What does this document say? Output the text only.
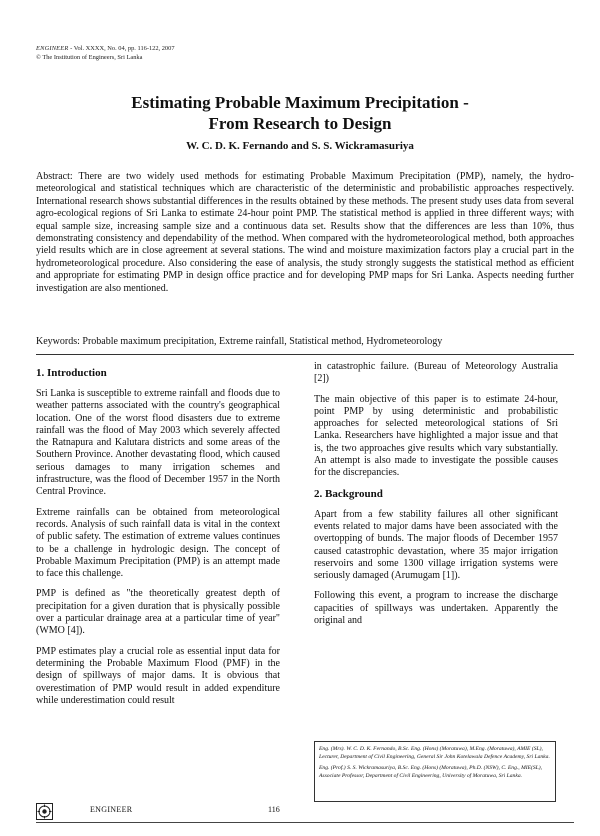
ENGINEER - Vol. XXXX, No. 04, pp. 116-122, 2007
© The Institution of Engineers, Sri Lanka
Estimating Probable Maximum Precipitation -
From Research to Design
W. C. D. K. Fernando and S. S. Wickramasuriya

Abstract: There are two widely used methods for estimating Probable Maximum Precipitation (PMP), namely, the hydro-meteorological and statistical techniques which are characteristic of the deterministic and probabilistic approaches respectively. International research shows substantial differences in the results obtained by these methods. The present study uses data from several agro-ecological regions of Sri Lanka to estimate 24-hour point PMP. The statistical method is applied in three different ways; with equal sample size, increasing sample size and a continuous data set. Results show that the differences are less than 10%, thus demonstrating consistency and dependability of the method. When compared with the hydrometeorological method, both approaches yield results which are in close agreement at several stations. The wind and moisture maximization factors play a crucial part in the hydrometeorological procedure. Also considering the ease of analysis, the study strongly suggests the statistical method as efficient and appropriate for estimating PMP in design office practice and for developing PMP maps for Sri Lanka. Aspects needing further investigation are also mentioned.

Keywords: Probable maximum precipitation, Extreme rainfall, Statistical method, Hydrometeorology

1. Introduction

Sri Lanka is susceptible to extreme rainfall and floods due to weather patterns associated with the country's geographical location. One of the worst flood disasters due to extreme rainfall was the flood of May 2003 which severely affected the Ratnapura and Kalutara districts and some areas of the Southern Province. Another devastating flood, which caused serious damages to many irrigation schemes and infrastructure, was the flood of December 1957 in the North Central Province.

Extreme rainfalls can be obtained from meteorological records. Analysis of such rainfall data is vital in the context of public safety. The estimation of extreme values continues to be a challenge in hydrologic design. The concept of Probable Maximum Precipitation (PMP) is an attempt made to face this challenge.

PMP is defined as "the theoretically greatest depth of precipitation for a given duration that is physically possible over a particular drainage area at a particular time of year" (WMO [4]).

PMP estimates play a crucial role as essential input data for determining the Probable Maximum Flood (PMF) in the design of spillways of major dams. It is obvious that overestimation of PMP would result in added expenditure while underestimation could result

in catastrophic failure. (Bureau of Meteorology Australia [2])

The main objective of this paper is to estimate 24-hour, point PMP by using deterministic and probabilistic approaches for selected meteorological stations of Sri Lanka. Researchers have highlighted a major issue and that is, the two approaches give results which vary substantially. An attempt is also made to investigate the possible causes for the discrepancies.

2. Background

Apart from a few stability failures all other significant events related to major dams have been associated with the overtopping of bunds. The major floods of December 1957 caused catastrophic devastation, where 35 major irrigation reservoirs and some 1300 village irrigation systems were seriously damaged (Arumugam [1]).

Following this event, a program to increase the discharge capacities of spillways was undertaken. Apparently the original and

Eng. (Mrs). W. C. D. K. Fernando, B.Sc. Eng. (Hons) (Moratuwa), M.Eng. (Moratuwa), AMIE (SL), Lecturer, Department of Civil Engineering, General Sir John Kotelawala Defence Academy, Sri Lanka.

Eng. (Prof.) S. S. Wickramasuriya, B.Sc. Eng. (Hons) (Moratuwa), Ph.D. (NSW), C. Eng., MIE(SL), Associate Professor, Department of Civil Engineering, University of Moratuwa, Sri Lanka.

ENGINEER	116
